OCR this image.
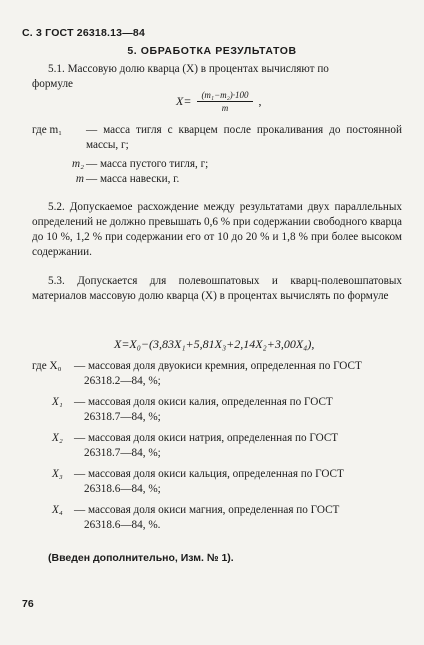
С. 3 ГОСТ 26318.13—84
5. ОБРАБОТКА РЕЗУЛЬТАТОВ
5.1. Массовую долю кварца (X) в процентах вычисляют по
формуле
$X= \frac{\text{(m₁−m₂)·100}}{m}$ ,
где m₁	— масса тигля с кварцем после прокаливания до постоянной массы, г;
m₂ — масса пустого тигля, г;
m — масса навески, г.
5.2. Допускаемое расхождение между результатами двух параллельных определений не должно превышать 0,6 % при содержании свободного кварца до 10 %, 1,2 % при содержании его от 10 до 20 % и 1,8 % при более высоком содержании.
5.3. Допускается для полевошпатовых и кварц-полевошпатовых материалов массовую долю кварца (X) в процентах вычислять по формуле
X=X₀−(3,83X₁+5,81X₃+2,14X₂+3,00X₄),
где X₀	— массовая доля двуокиси кремния, определенная по ГОСТ
26318.2—84, %;
X₁	— массовая доля окиси калия, определенная по ГОСТ
26318.7—84, %;
X₂	— массовая доля окиси натрия, определенная по ГОСТ
26318.7—84, %;
X₃	— массовая доля окиси кальция, определенная по ГОСТ
26318.6—84, %;
X₄	— массовая доля окиси магния, определенная по ГОСТ
26318.6—84, %.
(Введен дополнительно, Изм. № 1).
76
